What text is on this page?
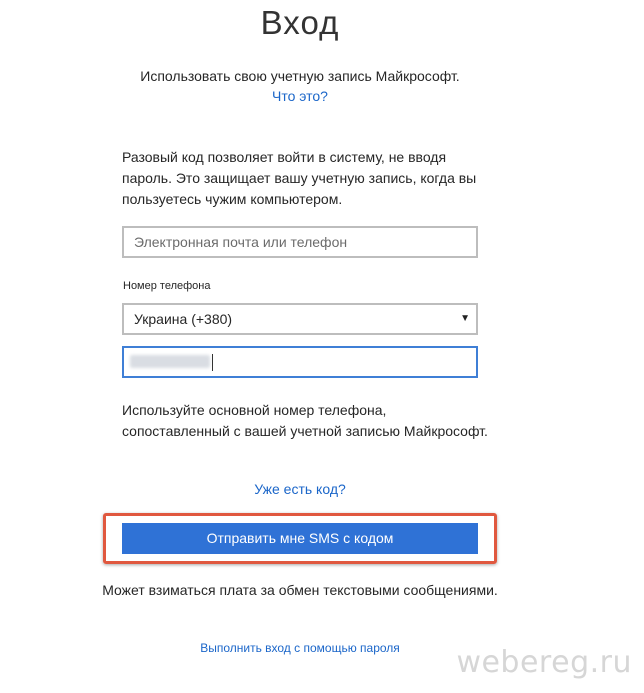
Вход
Использовать свою учетную запись Майкрософт.
Что это?
Разовый код позволяет войти в систему, не вводя пароль. Это защищает вашу учетную запись, когда вы пользуетесь чужим компьютером.
Электронная почта или телефон
Номер телефона
Украина (+380)	▼
Используйте основной номер телефона, сопоставленный с вашей учетной записью Майкрософт.
Уже есть код?
Отправить мне SMS с кодом
Может взиматься плата за обмен текстовыми сообщениями.
Выполнить вход с помощью пароля	webereg.ru
